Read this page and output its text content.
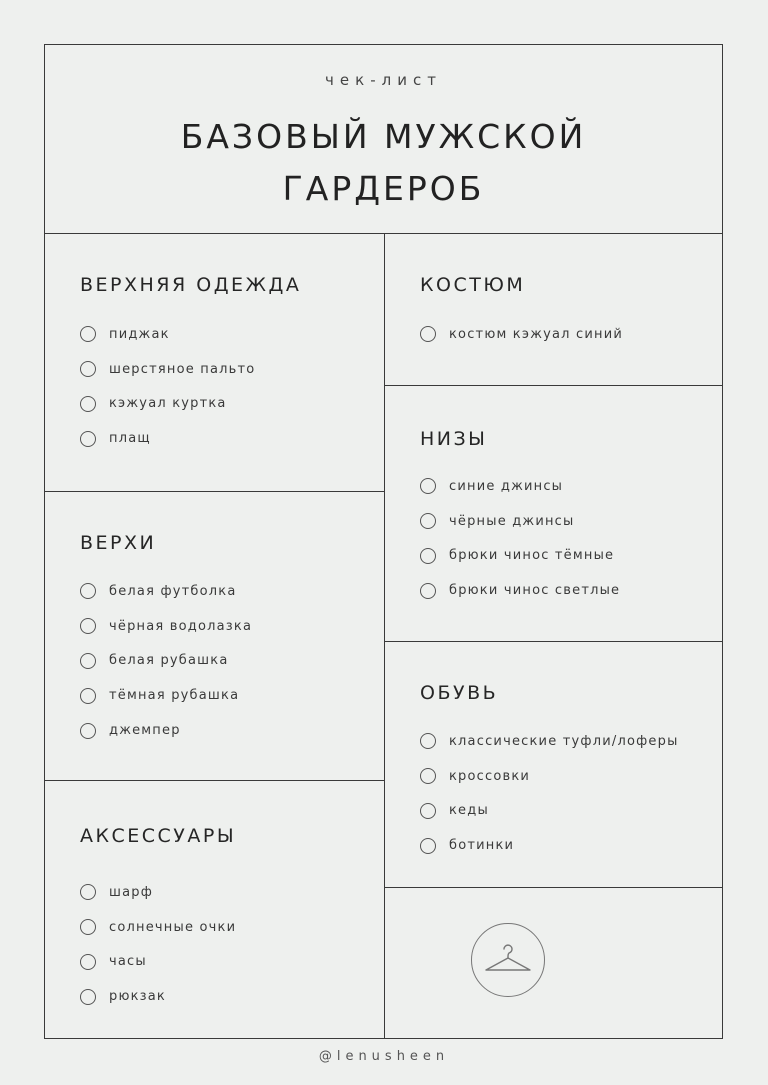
чек-лист
БАЗОВЫЙ МУЖСКОЙ
ГАРДЕРОБ
ВЕРХНЯЯ ОДЕЖДА
пиджак
шерстяное пальто
кэжуал куртка
плащ
ВЕРХИ
белая футболка
чёрная водолазка
белая рубашка
тёмная рубашка
джемпер
АКСЕССУАРЫ
шарф
солнечные очки
часы
рюкзак
КОСТЮМ
костюм кэжуал синий
НИЗЫ
синие джинсы
чёрные джинсы
брюки чинос тёмные
брюки чинос светлые
ОБУВЬ
классические туфли/лоферы
кроссовки
кеды
ботинки
@lenusheen
